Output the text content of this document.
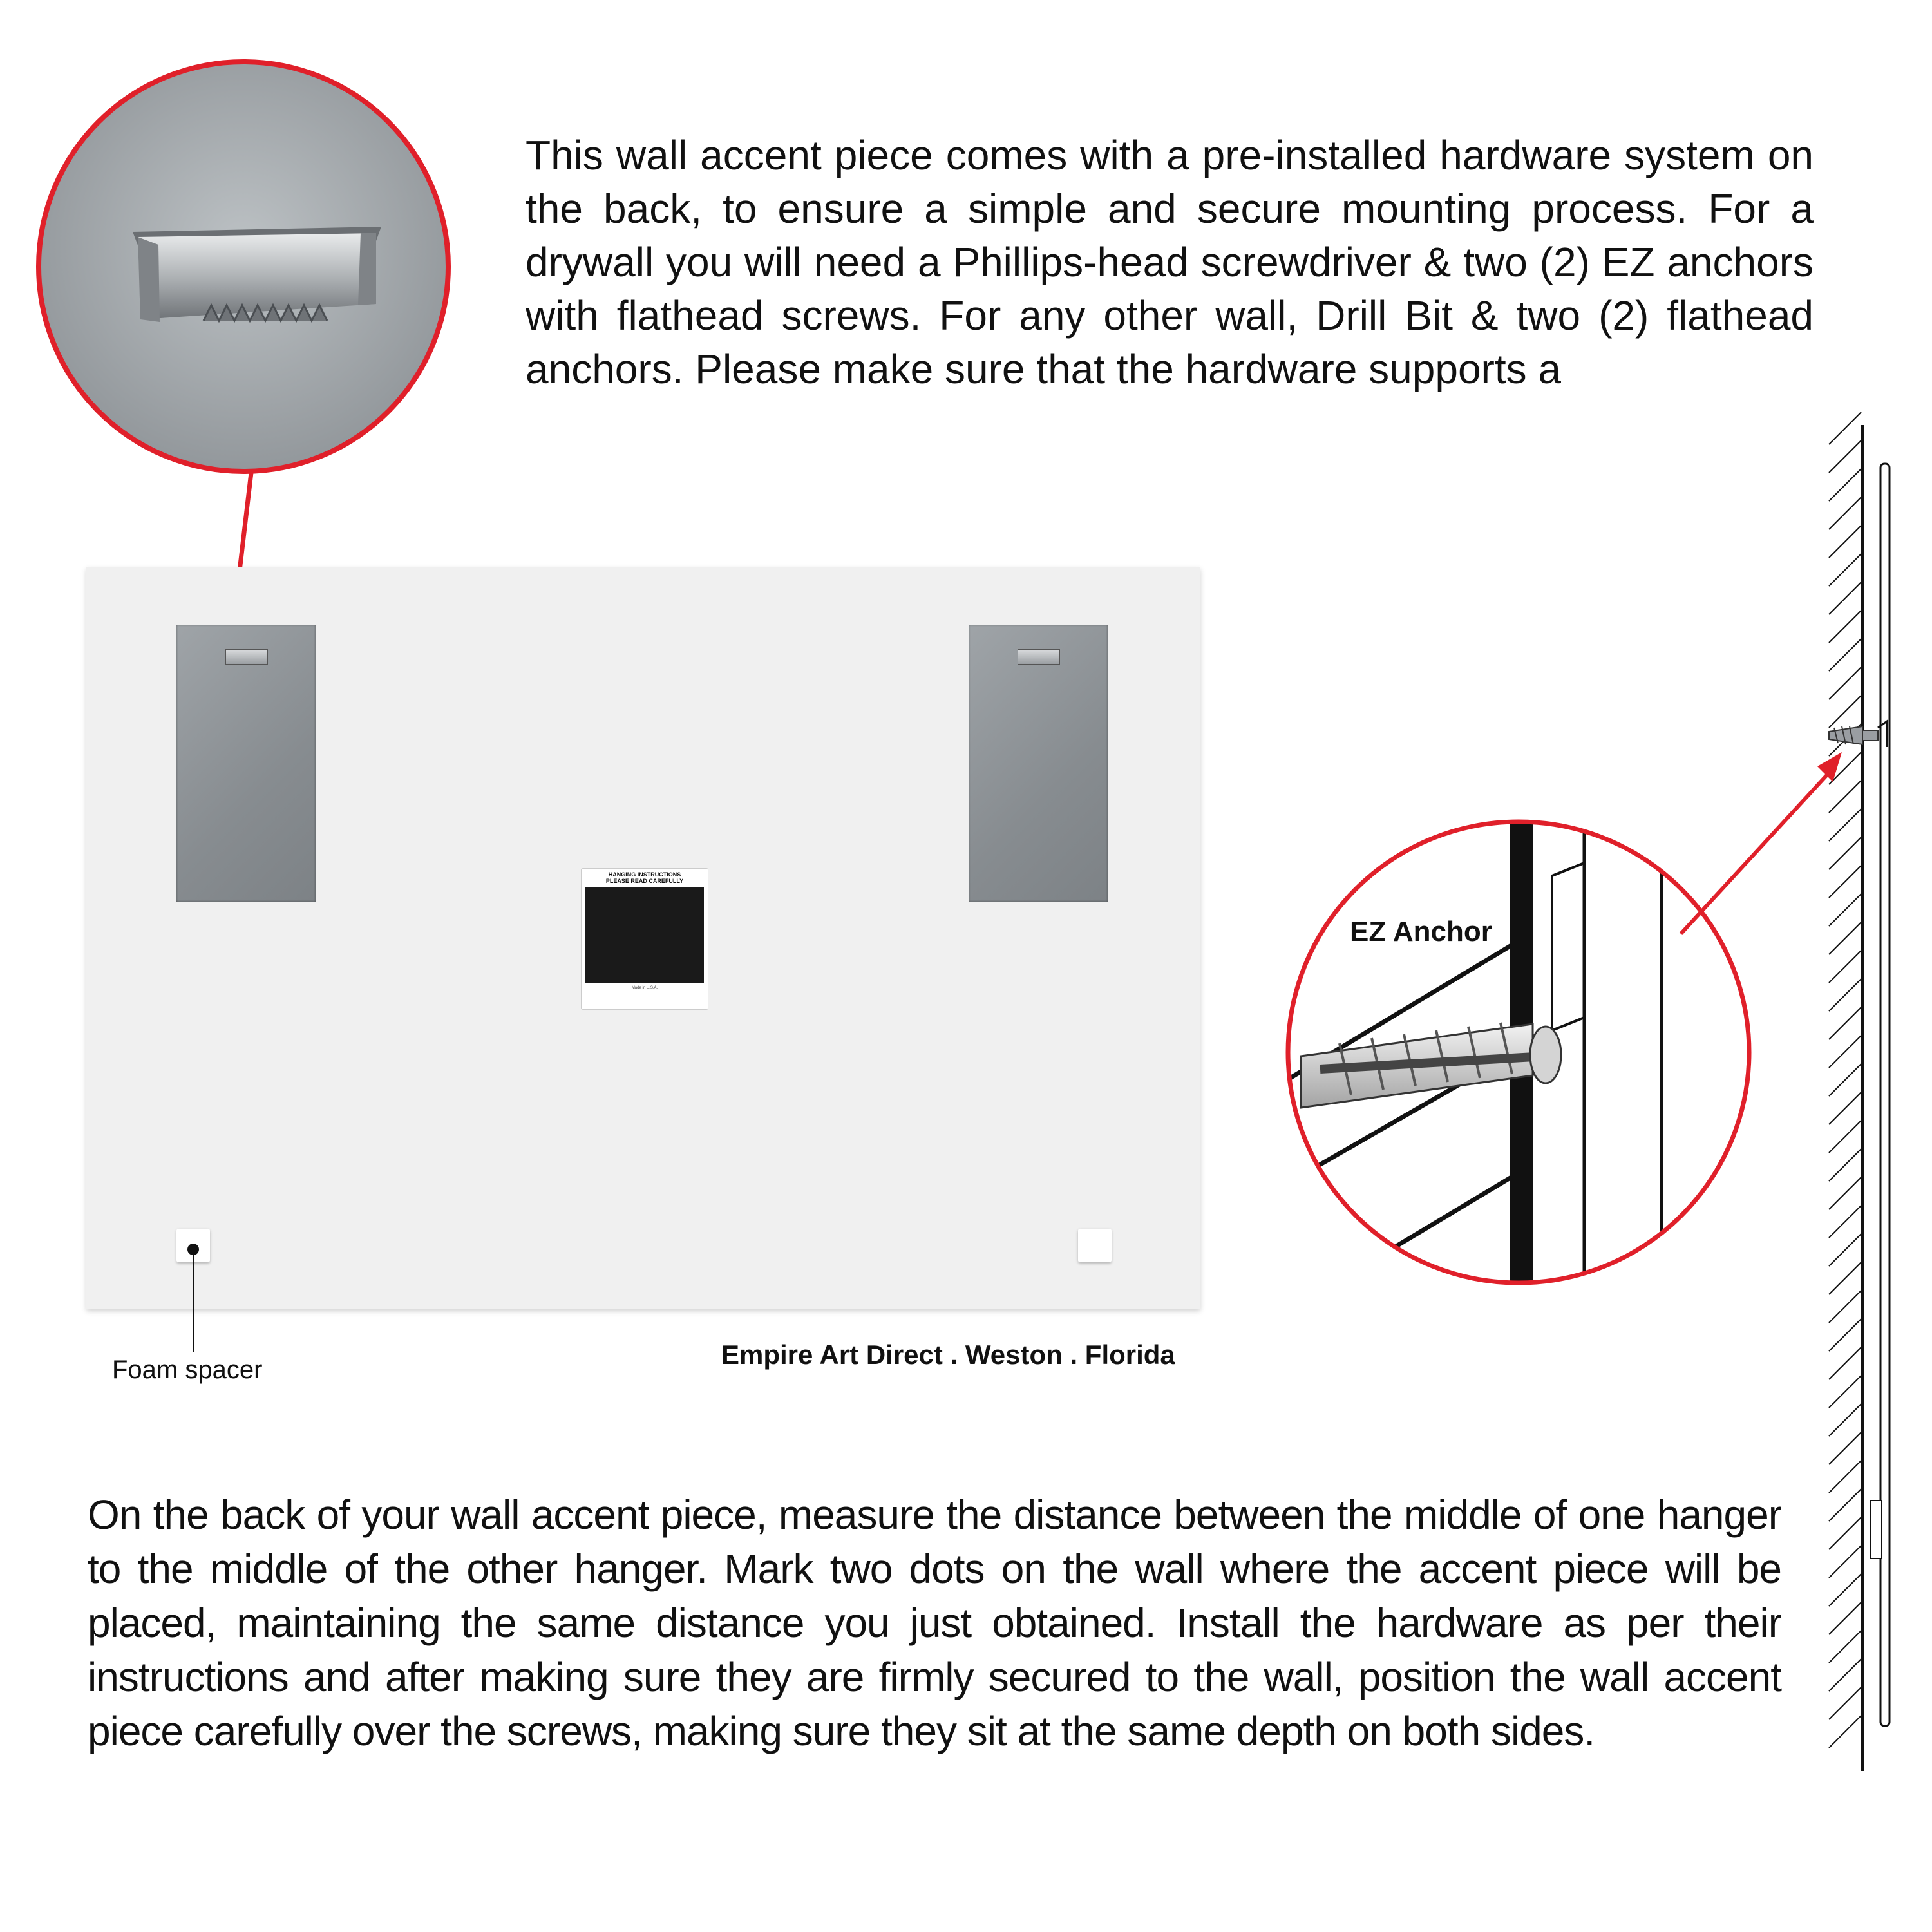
This wall accent piece comes with a pre-installed hardware system on the back, to ensure a simple and secure mounting process. For a drywall you will need a Phillips-head screwdriver & two (2) EZ anchors with flathead screws. For any other wall, Drill Bit & two (2) flathead anchors. Please make sure that the hardware supports a
HANGING INSTRUCTIONS
PLEASE READ CAREFULLY
Made in U.S.A.
Foam spacer	Empire Art Direct . Weston . Florida
EZ Anchor
On the back of your wall accent piece, measure the distance between the middle of one hanger to the middle of the other hanger. Mark two dots on the wall where the accent piece will be placed, maintaining the same distance you just obtained. Install the hardware as per their instructions and after making sure they are firmly secured to the wall, position the wall accent piece carefully over the screws, making sure they sit at the same depth on both sides.
